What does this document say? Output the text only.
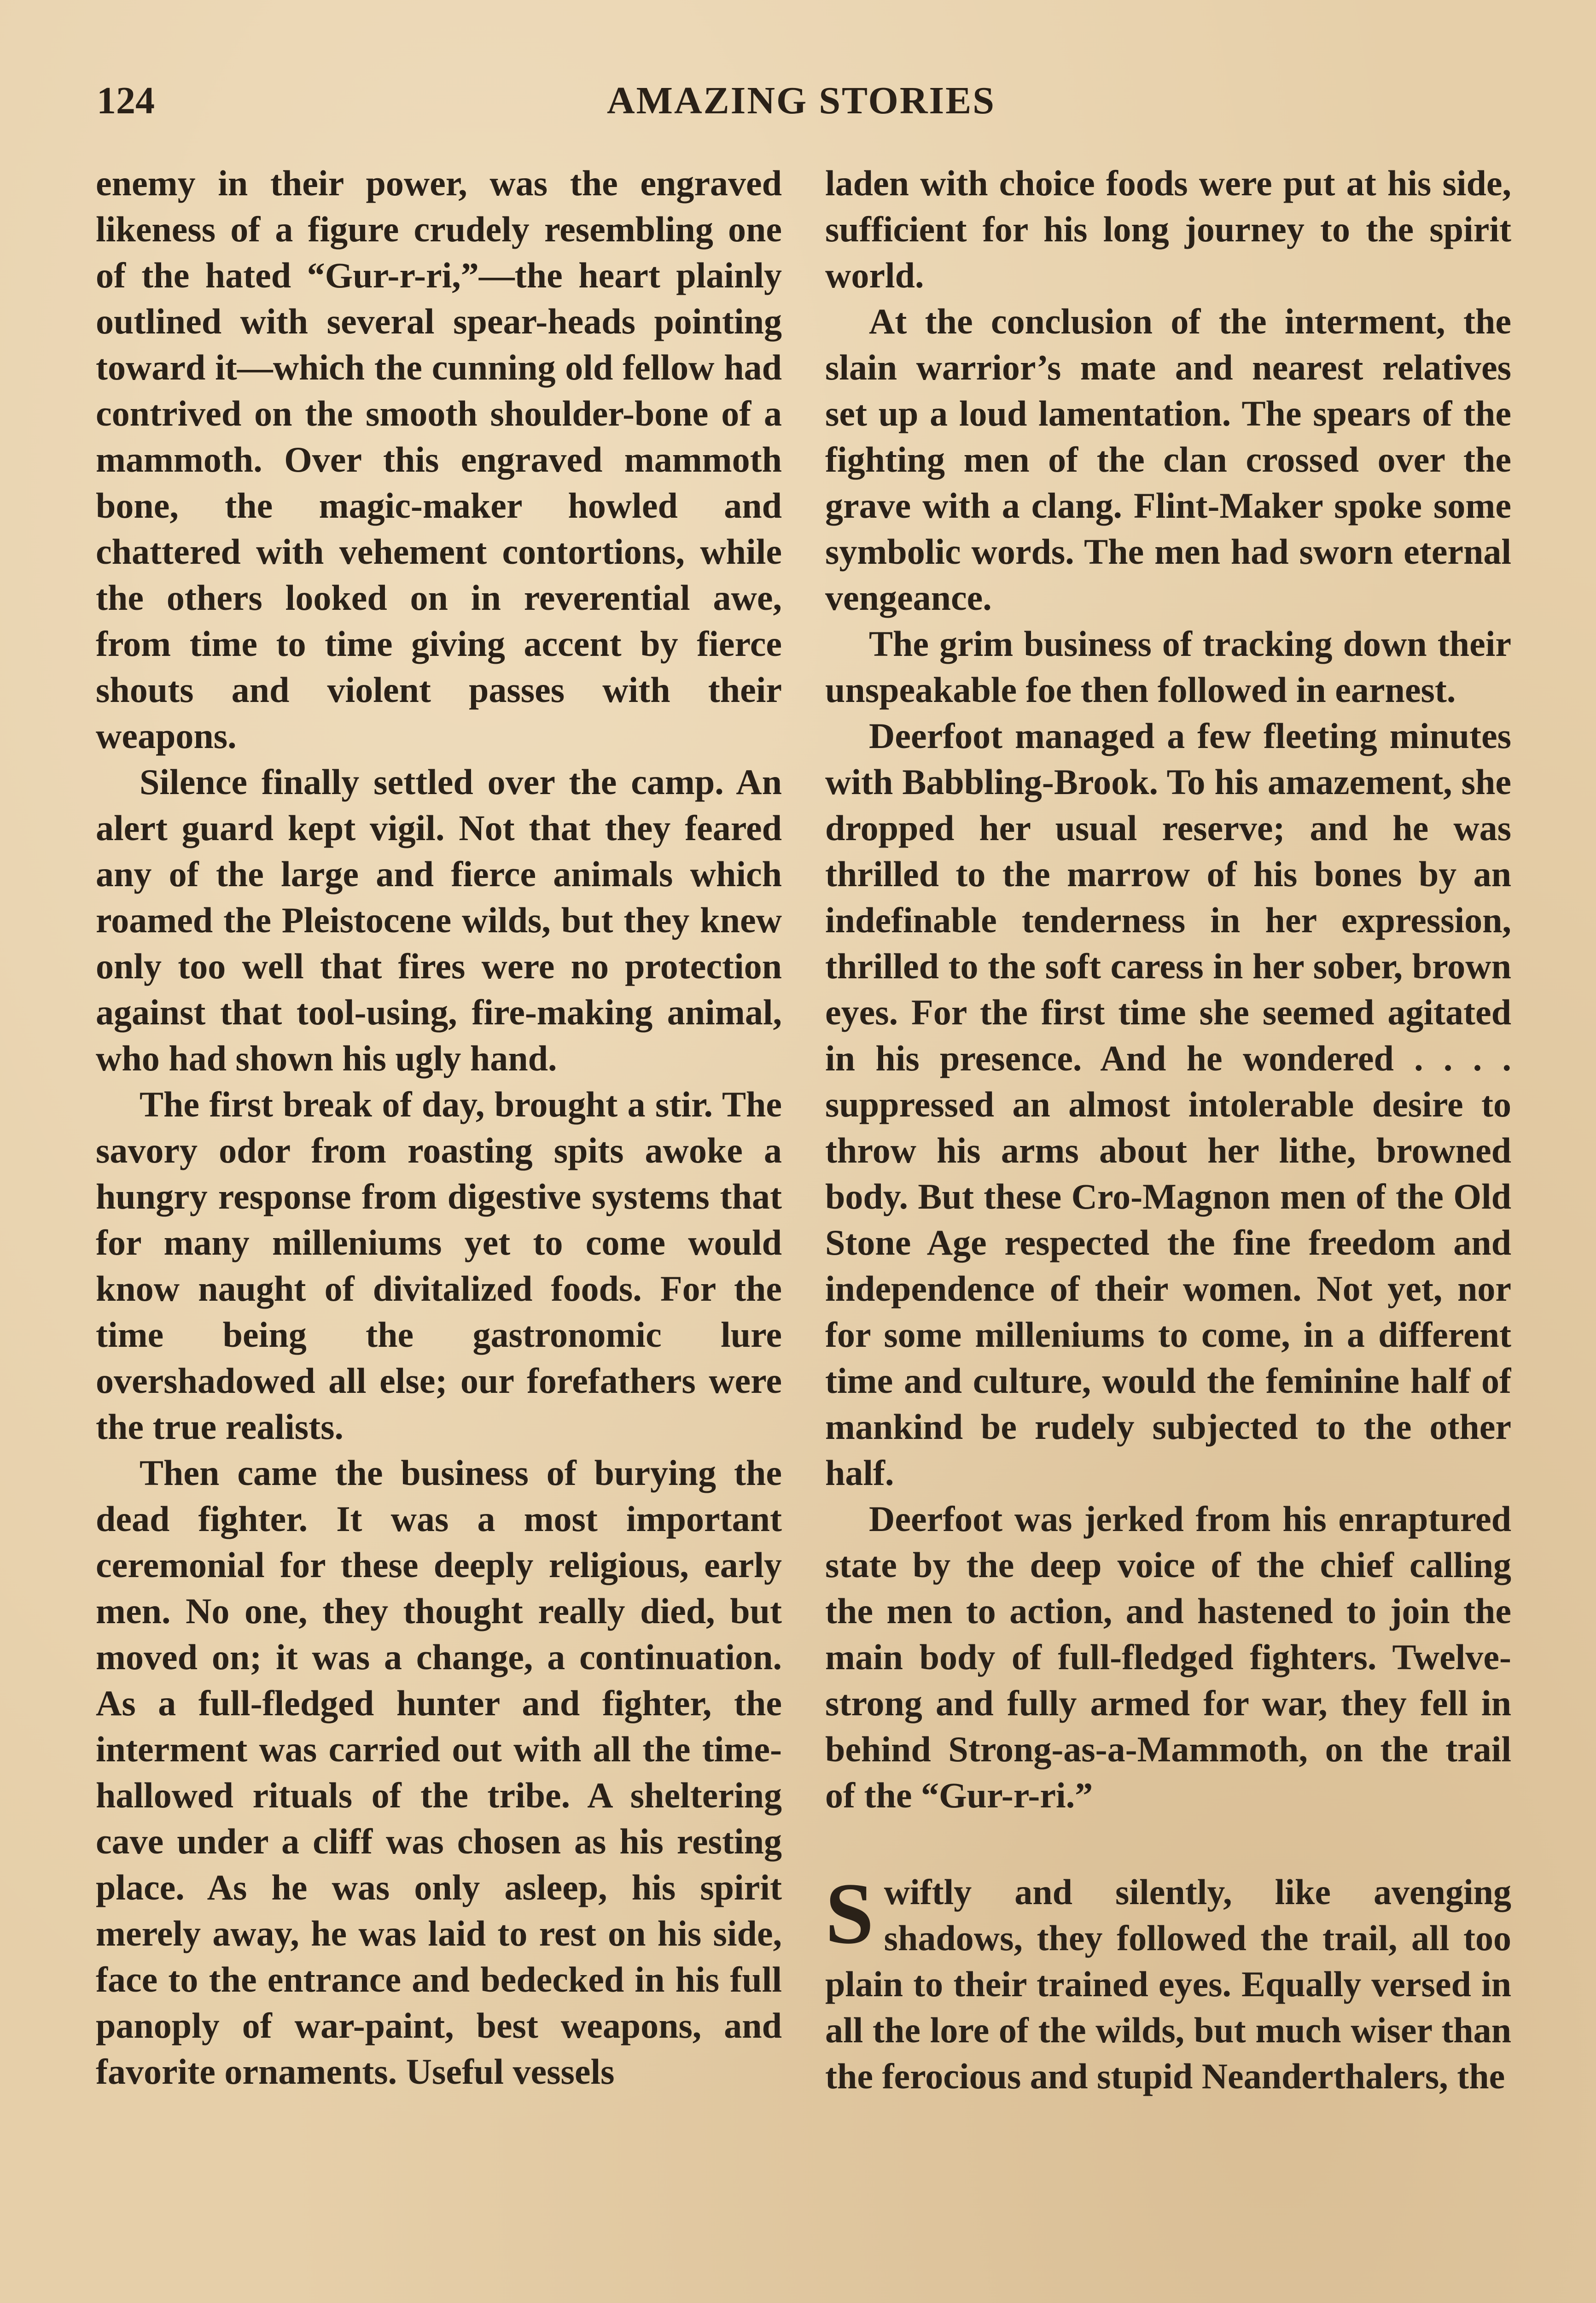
124	AMAZING STORIES

enemy in their power, was the engraved likeness of a figure crudely resembling one of the hated “Gur-r-ri,”—the heart plainly outlined with several spear-heads pointing toward it—which the cunning old fellow had contrived on the smooth shoulder-bone of a mammoth. Over this engraved mammoth bone, the magic-maker howled and chattered with vehement contortions, while the others looked on in reverential awe, from time to time giving accent by fierce shouts and violent passes with their weapons.

Silence finally settled over the camp. An alert guard kept vigil. Not that they feared any of the large and fierce animals which roamed the Pleistocene wilds, but they knew only too well that fires were no protection against that tool-using, fire-making animal, who had shown his ugly hand.

The first break of day, brought a stir. The savory odor from roasting spits awoke a hungry response from digestive systems that for many milleniums yet to come would know naught of divitalized foods. For the time being the gastronomic lure overshadowed all else; our forefathers were the true realists.

Then came the business of burying the dead fighter. It was a most important ceremonial for these deeply religious, early men. No one, they thought really died, but moved on; it was a change, a continuation. As a full-fledged hunter and fighter, the interment was carried out with all the time-hallowed rituals of the tribe. A sheltering cave under a cliff was chosen as his resting place. As he was only asleep, his spirit merely away, he was laid to rest on his side, face to the entrance and bedecked in his full panoply of war-paint, best weapons, and favorite ornaments. Useful vessels

laden with choice foods were put at his side, sufficient for his long journey to the spirit world.

At the conclusion of the interment, the slain warrior’s mate and nearest relatives set up a loud lamentation. The spears of the fighting men of the clan crossed over the grave with a clang. Flint-Maker spoke some symbolic words. The men had sworn eternal vengeance.

The grim business of tracking down their unspeakable foe then followed in earnest.

Deerfoot managed a few fleeting minutes with Babbling-Brook. To his amazement, she dropped her usual reserve; and he was thrilled to the marrow of his bones by an indefinable tenderness in her expression, thrilled to the soft caress in her sober, brown eyes. For the first time she seemed agitated in his presence. And he wondered . . . . suppressed an almost intolerable desire to throw his arms about her lithe, browned body. But these Cro-Magnon men of the Old Stone Age respected the fine freedom and independence of their women. Not yet, nor for some milleniums to come, in a different time and culture, would the feminine half of mankind be rudely subjected to the other half.

Deerfoot was jerked from his enraptured state by the deep voice of the chief calling the men to action, and hastened to join the main body of full-fledged fighters. Twelve-strong and fully armed for war, they fell in behind Strong-as-a-Mammoth, on the trail of the “Gur-r-ri.”

Swiftly and silently, like avenging shadows, they followed the trail, all too plain to their trained eyes. Equally versed in all the lore of the wilds, but much wiser than the ferocious and stupid Neanderthalers, the
